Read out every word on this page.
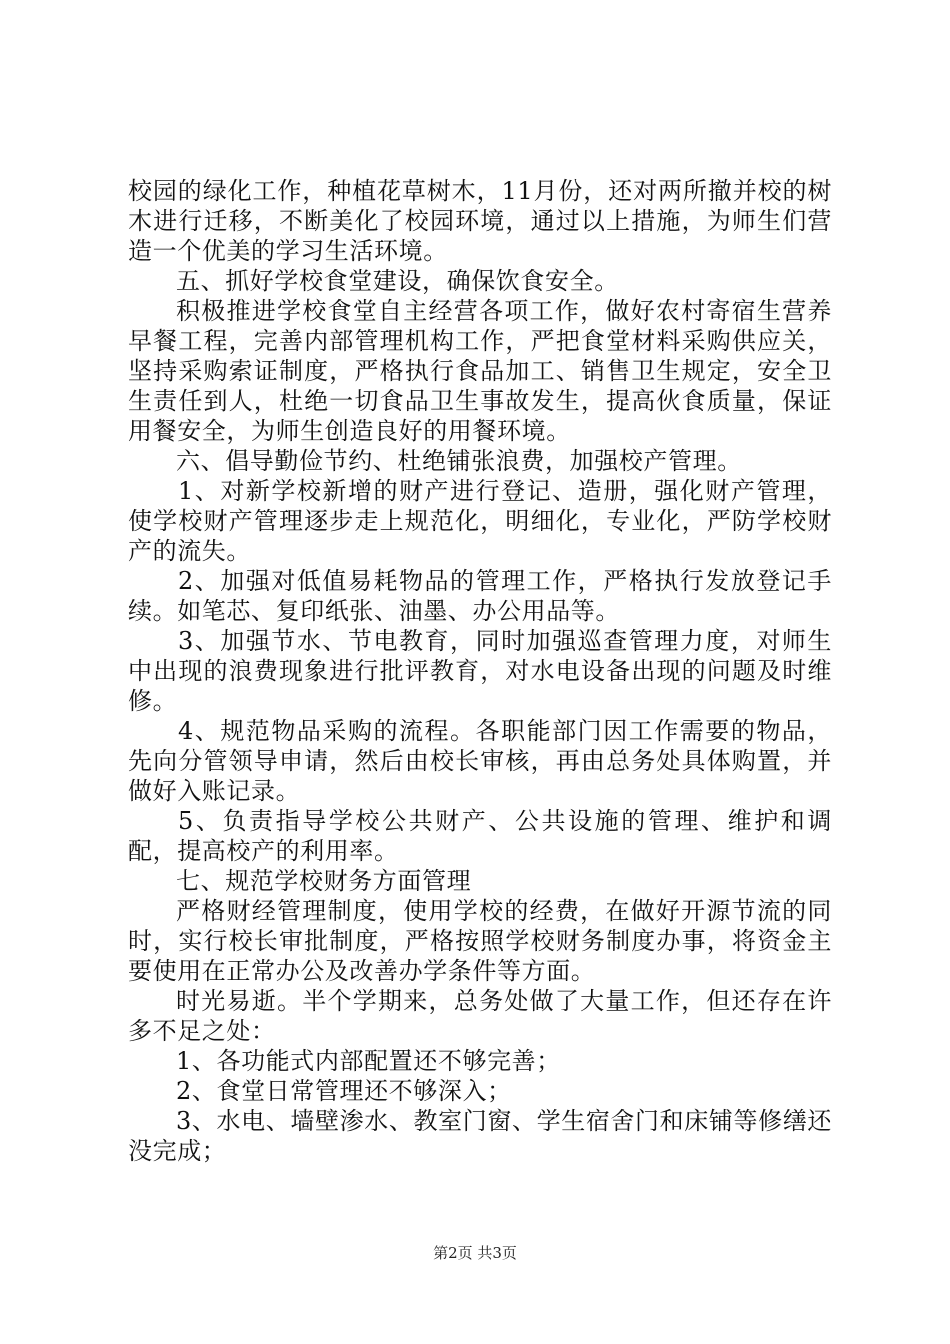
校园的绿化工作，种植花草树木，11月份，还对两所撤并校的树木进行迁移，不断美化了校园环境，通过以上措施，为师生们营造一个优美的学习生活环境。

五、抓好学校食堂建设，确保饮食安全。

积极推进学校食堂自主经营各项工作，做好农村寄宿生营养早餐工程，完善内部管理机构工作，严把食堂材料采购供应关，坚持采购索证制度，严格执行食品加工、销售卫生规定，安全卫生责任到人，杜绝一切食品卫生事故发生，提高伙食质量，保证用餐安全，为师生创造良好的用餐环境。

六、倡导勤俭节约、杜绝铺张浪费，加强校产管理。

1、对新学校新增的财产进行登记、造册，强化财产管理，使学校财产管理逐步走上规范化，明细化，专业化，严防学校财产的流失。

2、加强对低值易耗物品的管理工作，严格执行发放登记手续。如笔芯、复印纸张、油墨、办公用品等。

3、加强节水、节电教育，同时加强巡查管理力度，对师生中出现的浪费现象进行批评教育，对水电设备出现的问题及时维修。

4、规范物品采购的流程。各职能部门因工作需要的物品，先向分管领导申请，然后由校长审核，再由总务处具体购置，并做好入账记录。

5、负责指导学校公共财产、公共设施的管理、维护和调配，提高校产的利用率。

七、规范学校财务方面管理

严格财经管理制度，使用学校的经费，在做好开源节流的同时，实行校长审批制度，严格按照学校财务制度办事，将资金主要使用在正常办公及改善办学条件等方面。

时光易逝。半个学期来，总务处做了大量工作，但还存在许多不足之处：

1、各功能式内部配置还不够完善；

2、食堂日常管理还不够深入；

3、水电、墙壁渗水、教室门窗、学生宿舍门和床铺等修缮还没完成；

第2页 共3页
